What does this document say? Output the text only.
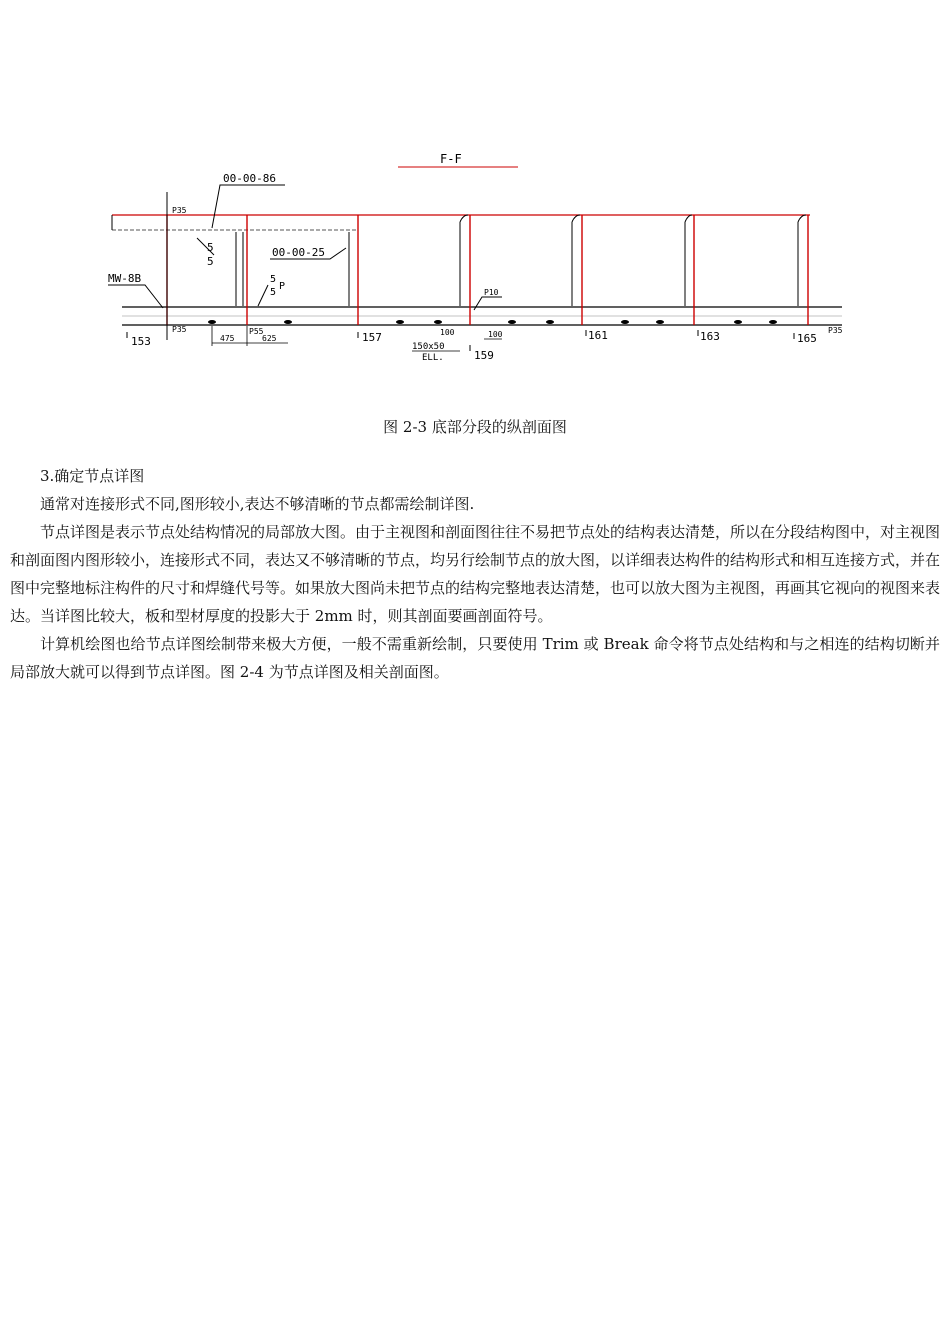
F-F
P35
P35	P35
00-00-86
5
5
00-00-25
MW-8B	5
5
P
P10
475
P55
625
100	100
150x50
ELL.
153	157
159
161	163	165
图 2-3 底部分段的纵剖面图

3.确定节点详图

通常对连接形式不同,图形较小,表达不够清晰的节点都需绘制详图.

节点详图是表示节点处结构情况的局部放大图。由于主视图和剖面图往往不易把节点处的结构表达清楚，所以在分段结构图中，对主视图和剖面图内图形较小，连接形式不同，表达又不够清晰的节点，均另行绘制节点的放大图，以详细表达构件的结构形式和相互连接方式，并在图中完整地标注构件的尺寸和焊缝代号等。如果放大图尚未把节点的结构完整地表达清楚，也可以放大图为主视图，再画其它视向的视图来表达。当详图比较大，板和型材厚度的投影大于 2mm 时，则其剖面要画剖面符号。

计算机绘图也给节点详图绘制带来极大方便，一般不需重新绘制，只要使用 Trim 或 Break 命令将节点处结构和与之相连的结构切断并局部放大就可以得到节点详图。图 2-4 为节点详图及相关剖面图。
